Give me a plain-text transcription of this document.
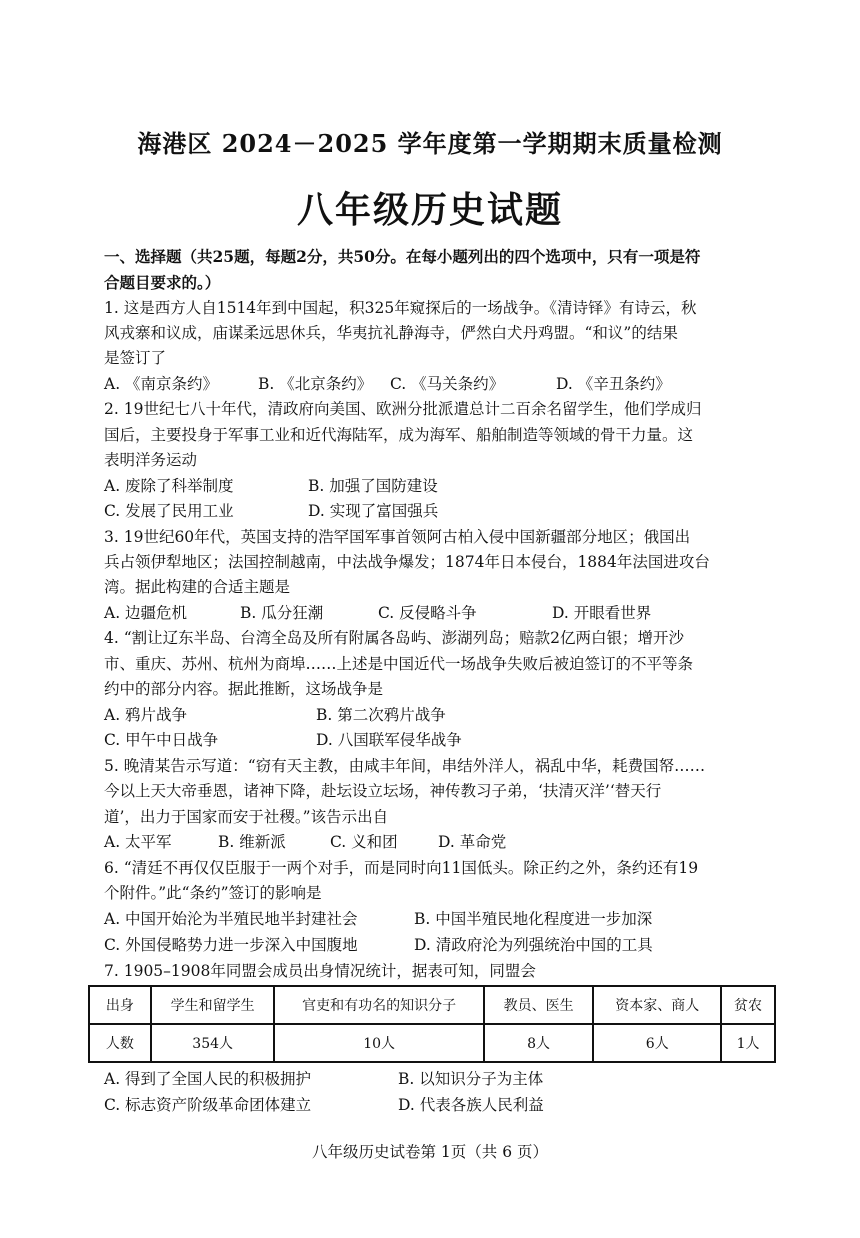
海港区 2024－2025 学年度第一学期期末质量检测
八年级历史试题
一、选择题（共25题，每题2分，共50分。在每小题列出的四个选项中，只有一项是符
合题目要求的。）
1. 这是西方人自1514年到中国起，积325年窥探后的一场战争。《清诗铎》有诗云，秋
风戎寨和议成，庙谋柔远思休兵，华夷抗礼静海寺，俨然白犬丹鸡盟。“和议”的结果
是签订了
A. 《南京条约》	B. 《北京条约》 C. 《马关条约》	D. 《辛丑条约》
2. 19世纪七八十年代，清政府向美国、欧洲分批派遣总计二百余名留学生，他们学成归
国后，主要投身于军事工业和近代海陆军，成为海军、船舶制造等领域的骨干力量。这
表明洋务运动
A. 废除了科举制度	B. 加强了国防建设
C. 发展了民用工业	D. 实现了富国强兵
3. 19世纪60年代，英国支持的浩罕国军事首领阿古柏入侵中国新疆部分地区；俄国出
兵占领伊犁地区；法国控制越南，中法战争爆发；1874年日本侵台，1884年法国进攻台
湾。据此构建的合适主题是
A. 边疆危机	B. 瓜分狂潮	C. 反侵略斗争	D. 开眼看世界
4. “割让辽东半岛、台湾全岛及所有附属各岛屿、澎湖列岛；赔款2亿两白银；增开沙
市、重庆、苏州、杭州为商埠……上述是中国近代一场战争失败后被迫签订的不平等条
约中的部分内容。据此推断，这场战争是
A. 鸦片战争	B. 第二次鸦片战争
C. 甲午中日战争	D. 八国联军侵华战争
5. 晚清某告示写道：“窃有天主教，由咸丰年间，串结外洋人，祸乱中华，耗费国帑……
今以上天大帝垂恩，诸神下降，赴坛设立坛场，神传教习子弟，‘扶清灭洋’‘替天行
道’，出力于国家而安于社稷。”该告示出自
A. 太平军	B. 维新派	C. 义和团	D. 革命党
6. “清廷不再仅仅臣服于一两个对手，而是同时向11国低头。除正约之外，条约还有19
个附件。”此“条约”签订的影响是
A. 中国开始沦为半殖民地半封建社会	B. 中国半殖民地化程度进一步加深
C. 外国侵略势力进一步深入中国腹地	D. 清政府沦为列强统治中国的工具
7. 1905–1908年同盟会成员出身情况统计，据表可知，同盟会
出身	学生和留学生	官吏和有功名的知识分子	教员、医生	资本家、商人	贫农
人数	354人	10人	8人	6人	1人
A. 得到了全国人民的积极拥护	B. 以知识分子为主体
C. 标志资产阶级革命团体建立	D. 代表各族人民利益
八年级历史试卷第 1页（共 6 页）
